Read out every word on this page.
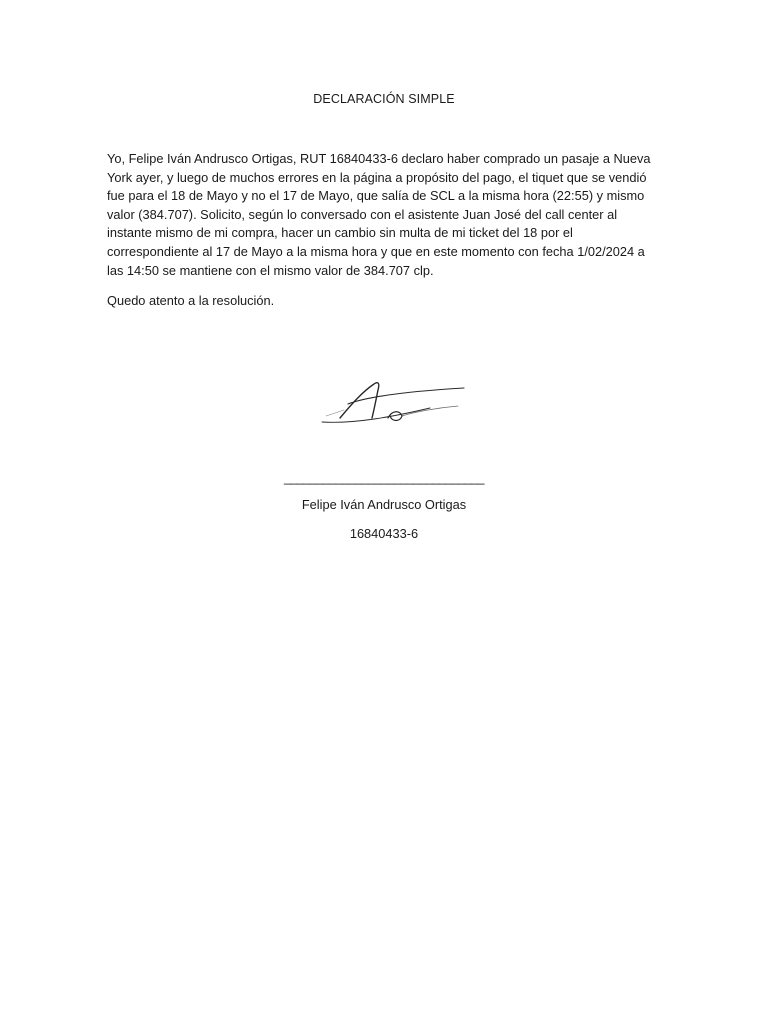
DECLARACIÓN SIMPLE

Yo, Felipe Iván Andrusco Ortigas, RUT 16840433-6 declaro haber comprado un pasaje a Nueva York ayer, y luego de muchos errores en la página a propósito del pago, el tiquet que se vendió fue para el 18 de Mayo y no el 17 de Mayo, que salía de SCL a la misma hora (22:55) y mismo valor (384.707). Solicito, según lo conversado con el asistente Juan José del call center al instante mismo de mi compra, hacer un cambio sin multa de mi ticket del 18 por el correspondiente al 17 de Mayo a la misma hora y que en este momento con fecha 1/02/2024 a las 14:50 se mantiene con el mismo valor de 384.707 clp.

Quedo atento a la resolución.

_______________________________
Felipe Iván Andrusco Ortigas
16840433-6
